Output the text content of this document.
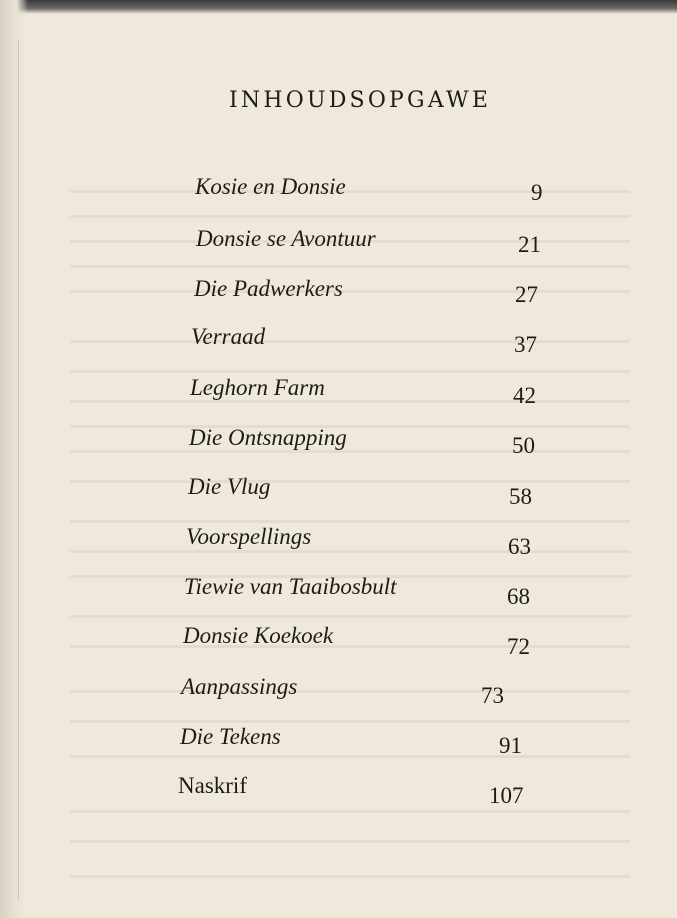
INHOUDSOPGAWE
Kosie en Donsie	9
Donsie se Avontuur	21
Die Padwerkers	27
Verraad	37
Leghorn Farm	42
Die Ontsnapping	50
Die Vlug	58
Voorspellings	63
Tiewie van Taaibosbult	68
Donsie Koekoek	72
Aanpassings	73
Die Tekens	91
Naskrif	107
